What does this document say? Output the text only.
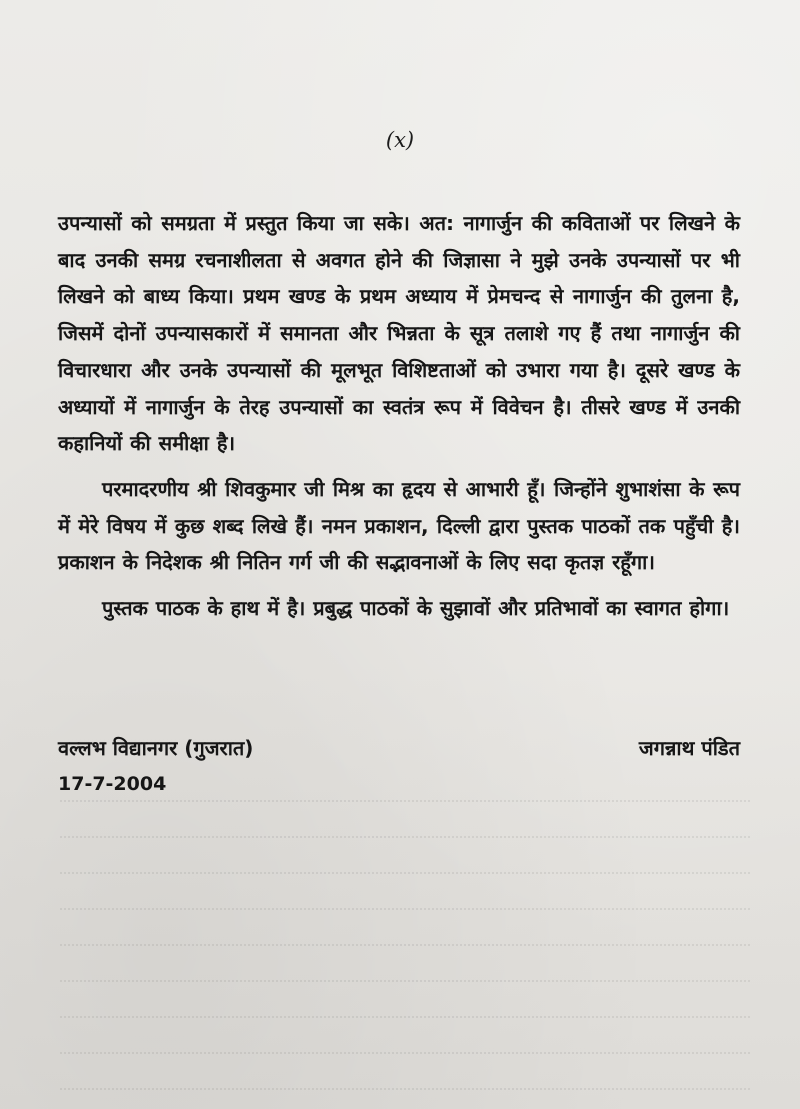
(x)

उपन्यासों को समग्रता में प्रस्तुत किया जा सके। अत: नागार्जुन की कविताओं पर लिखने के बाद उनकी समग्र रचनाशीलता से अवगत होने की जिज्ञासा ने मुझे उनके उपन्यासों पर भी लिखने को बाध्य किया। प्रथम खण्ड के प्रथम अध्याय में प्रेमचन्द से नागार्जुन की तुलना है, जिसमें दोनों उपन्यासकारों में समानता और भिन्नता के सूत्र तलाशे गए हैं तथा नागार्जुन की विचारधारा और उनके उपन्यासों की मूलभूत विशिष्टताओं को उभारा गया है। दूसरे खण्ड के अध्यायों में नागार्जुन के तेरह उपन्यासों का स्वतंत्र रूप में विवेचन है। तीसरे खण्ड में उनकी कहानियों की समीक्षा है।

परमादरणीय श्री शिवकुमार जी मिश्र का हृदय से आभारी हूँ। जिन्होंने शुभाशंसा के रूप में मेरे विषय में कुछ शब्द लिखे हैं। नमन प्रकाशन, दिल्ली द्वारा पुस्तक पाठकों तक पहुँची है। प्रकाशन के निदेशक श्री नितिन गर्ग जी की सद्भावनाओं के लिए सदा कृतज्ञ रहूँगा।

पुस्तक पाठक के हाथ में है। प्रबुद्ध पाठकों के सुझावों और प्रतिभावों का स्वागत होगा।

वल्लभ विद्यानगर (गुजरात)	जगन्नाथ पंडित
17-7-2004
